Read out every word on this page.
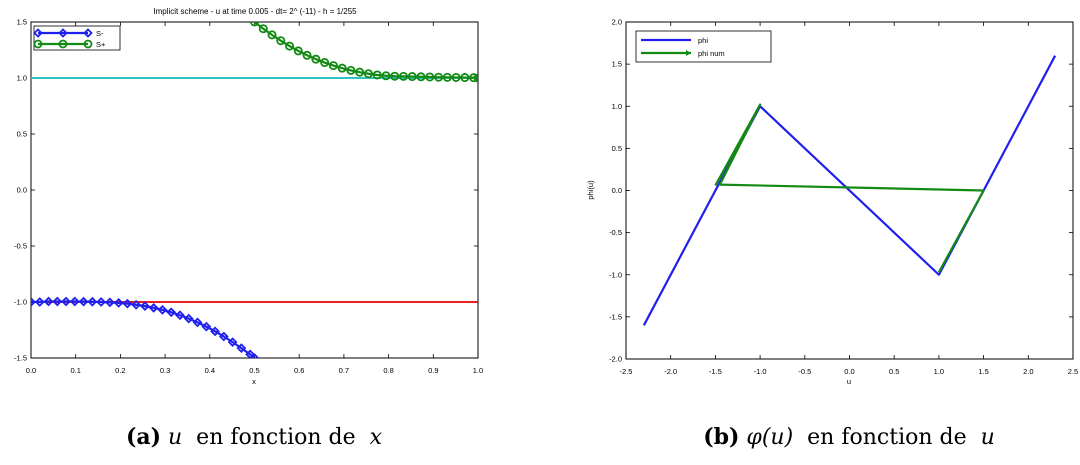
Implicit scheme - u at time 0.005 - dt= 2^ (-11) - h = 1/255
0.0	0.1	0.2	0.3	0.4	0.5	0.6	0.7	0.8	0.9	1.0
-1.5
-1.0
-0.5
0.0
0.5
1.0
1.5
x
S-
S+
(a) u  en fonction de  x
-2.5	-2.0	-1.5	-1.0	-0.5	0.0	0.5	1.0	1.5	2.0	2.5
-2.0
-1.5
-1.0
-0.5
0.0
0.5
1.0
1.5
2.0
u
phi(u)
phi
phi num
(b) φ(u)  en fonction de  u
